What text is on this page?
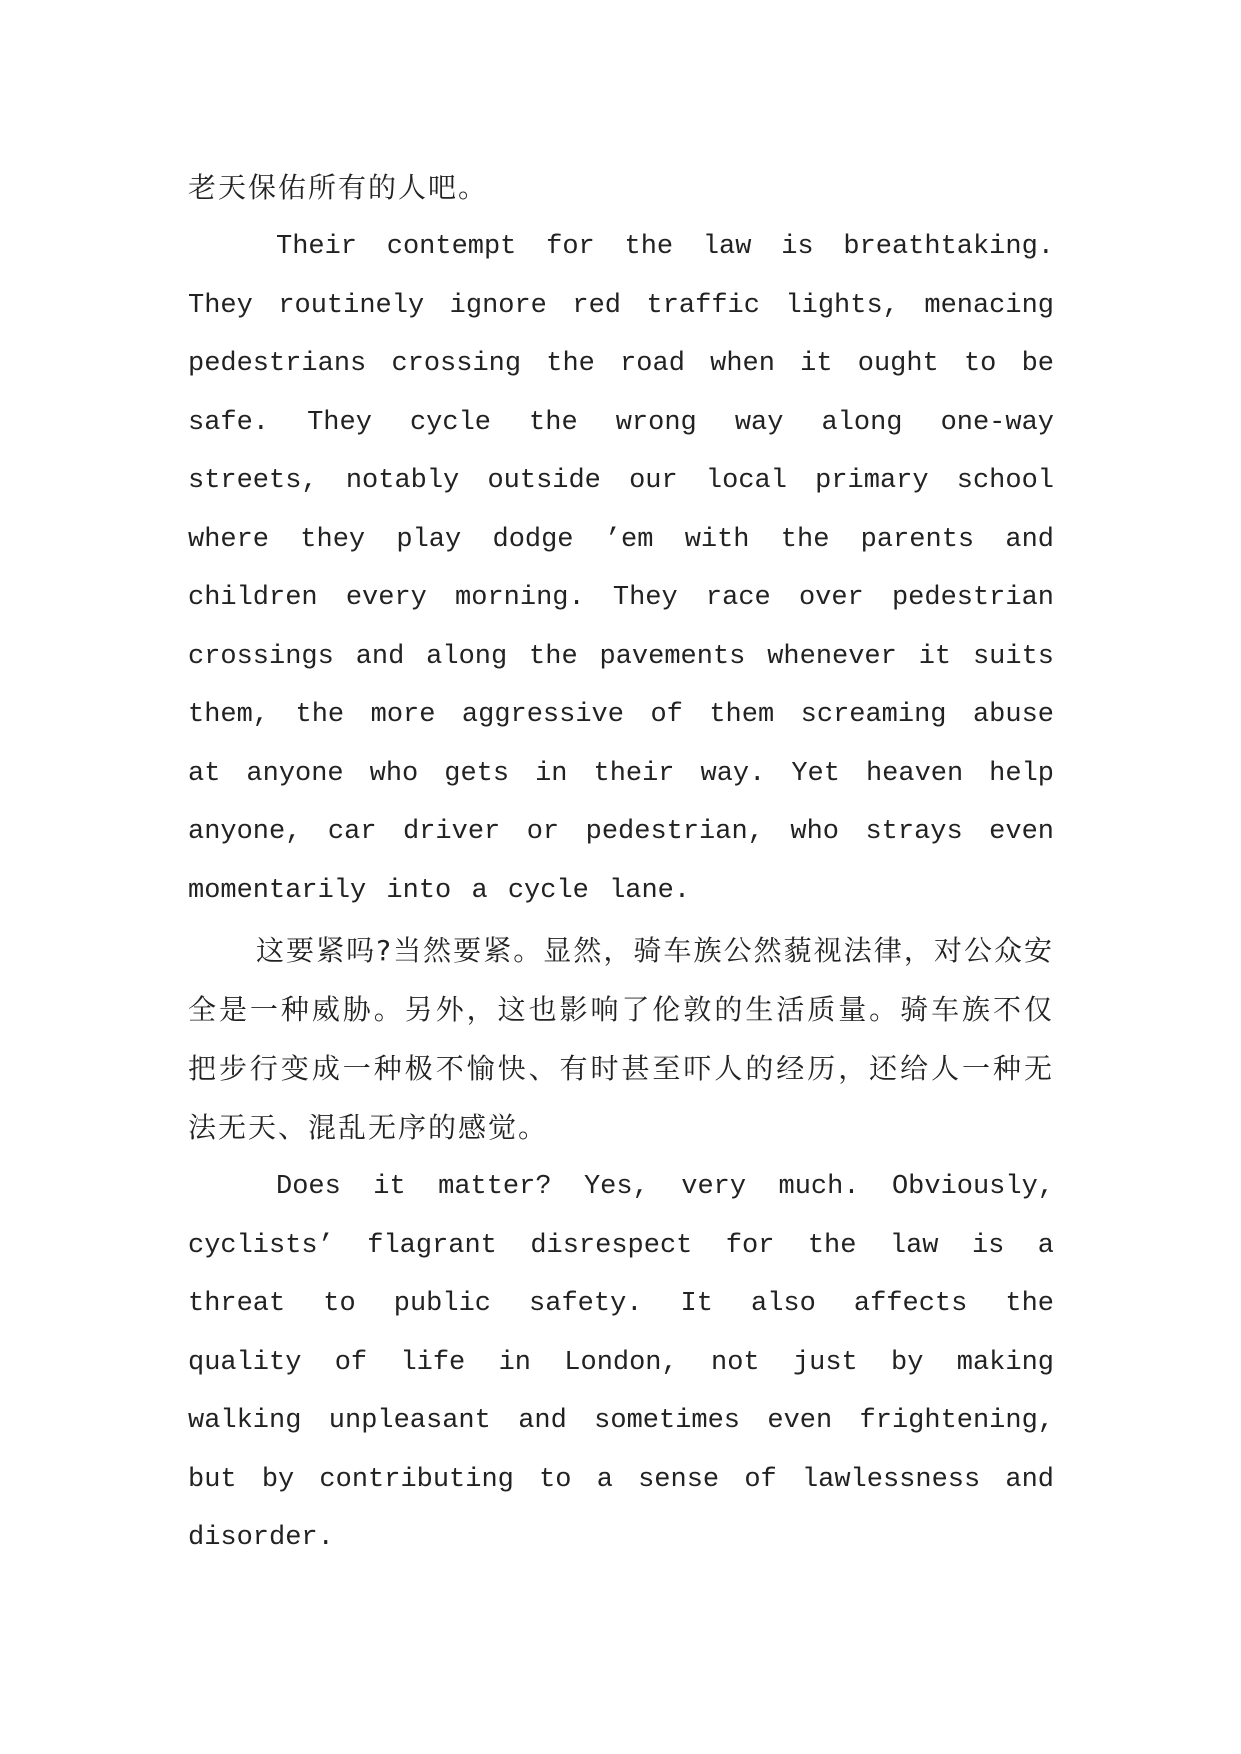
老天保佑所有的人吧。

Their contempt for the law is breathtaking. They routinely ignore red traffic lights, menacing pedestrians crossing the road when it ought to be safe. They cycle the wrong way along one-way streets, notably outside our local primary school where they play dodge ’em with the parents and children every morning. They race over pedestrian crossings and along the pavements whenever it suits them, the more aggressive of them screaming abuse at anyone who gets in their way. Yet heaven help anyone, car driver or pedestrian, who strays even momentarily into a cycle lane.

这要紧吗?当然要紧。显然，骑车族公然藐视法律，对公众安全是一种威胁。另外，这也影响了伦敦的生活质量。骑车族不仅把步行变成一种极不愉快、有时甚至吓人的经历，还给人一种无法无天、混乱无序的感觉。

Does it matter? Yes, very much. Obviously, cyclists’ flagrant disrespect for the law is a threat to public safety. It also affects the quality of life in London, not just by making walking unpleasant and sometimes even frightening, but by contributing to a sense of lawlessness and disorder.
